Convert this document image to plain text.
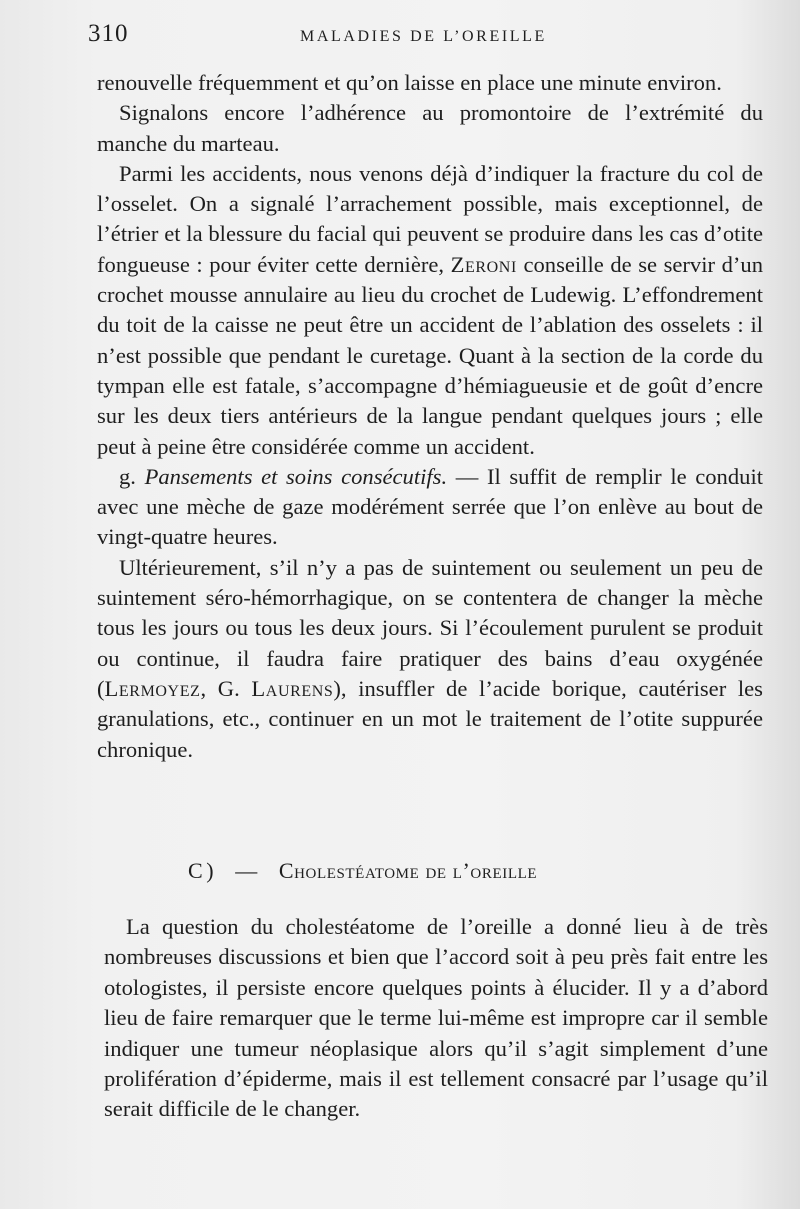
310	MALADIES DE L’OREILLE

renouvelle fréquemment et qu’on laisse en place une minute environ.

Signalons encore l’adhérence au promontoire de l’extrémité du manche du marteau.

Parmi les accidents, nous venons déjà d’indiquer la fracture du col de l’osselet. On a signalé l’arrachement possible, mais exceptionnel, de l’étrier et la blessure du facial qui peuvent se produire dans les cas d’otite fongueuse : pour éviter cette dernière, Zeroni conseille de se servir d’un crochet mousse annulaire au lieu du crochet de Ludewig. L’effondrement du toit de la caisse ne peut être un accident de l’ablation des osselets : il n’est possible que pendant le curetage. Quant à la section de la corde du tympan elle est fatale, s’accompagne d’hémiagueusie et de goût d’encre sur les deux tiers antérieurs de la langue pendant quelques jours ; elle peut à peine être considérée comme un accident.

g. Pansements et soins consécutifs. — Il suffit de remplir le conduit avec une mèche de gaze modérément serrée que l’on enlève au bout de vingt-quatre heures.

Ultérieurement, s’il n’y a pas de suintement ou seulement un peu de suintement séro-hémorrhagique, on se contentera de changer la mèche tous les jours ou tous les deux jours. Si l’écoulement purulent se produit ou continue, il faudra faire pratiquer des bains d’eau oxygénée (Lermoyez, G. Laurens), insuffler de l’acide borique, cautériser les granulations, etc., continuer en un mot le traitement de l’otite suppurée chronique.

C) — Cholestéatome de l’oreille

La question du cholestéatome de l’oreille a donné lieu à de très nombreuses discussions et bien que l’accord soit à peu près fait entre les otologistes, il persiste encore quelques points à élucider. Il y a d’abord lieu de faire remarquer que le terme lui-même est impropre car il semble indiquer une tumeur néoplasique alors qu’il s’agit simplement d’une prolifération d’épiderme, mais il est tellement consacré par l’usage qu’il serait difficile de le changer.
